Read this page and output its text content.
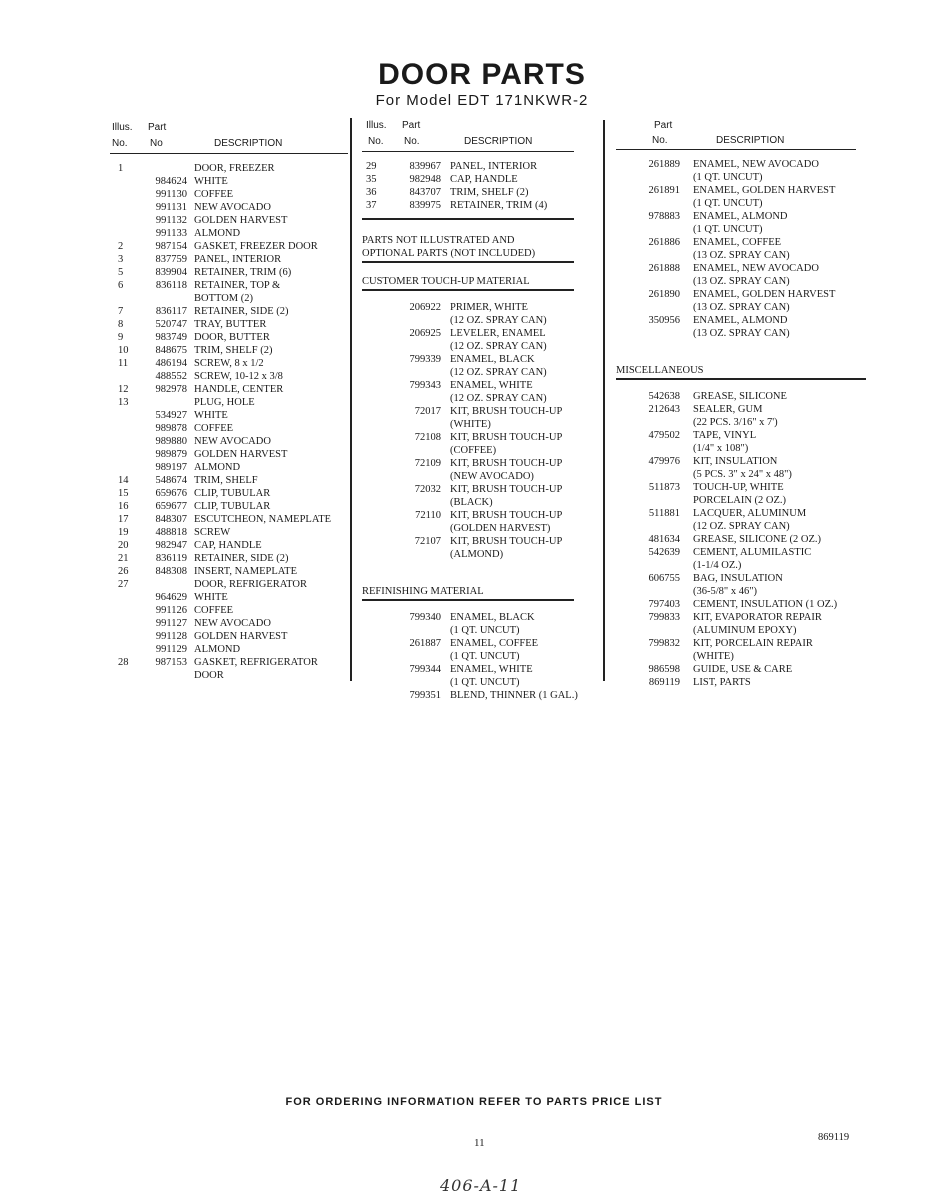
DOOR PARTS
For Model EDT 171NKWR-2
Illus. Part
No. No	DESCRIPTION
1	DOOR, FREEZER
984624 WHITE
991130 COFFEE
991131 NEW AVOCADO
991132 GOLDEN HARVEST
991133 ALMOND
2	987154 GASKET, FREEZER DOOR
3	837759 PANEL, INTERIOR
5	839904 RETAINER, TRIM (6)
6	836118 RETAINER, TOP &
BOTTOM (2)
7	836117 RETAINER, SIDE (2)
8	520747 TRAY, BUTTER
9	983749 DOOR, BUTTER
10	848675 TRIM, SHELF (2)
11	486194 SCREW, 8 x 1/2
488552 SCREW, 10-12 x 3/8
12	982978 HANDLE, CENTER
13	PLUG, HOLE
534927 WHITE
989878 COFFEE
989880 NEW AVOCADO
989879 GOLDEN HARVEST
989197 ALMOND
14	548674 TRIM, SHELF
15	659676 CLIP, TUBULAR
16	659677 CLIP, TUBULAR
17	848307 ESCUTCHEON, NAMEPLATE
19	488818 SCREW
20	982947 CAP, HANDLE
21	836119 RETAINER, SIDE (2)
26	848308 INSERT, NAMEPLATE
27	DOOR, REFRIGERATOR
964629 WHITE
991126 COFFEE
991127 NEW AVOCADO
991128 GOLDEN HARVEST
991129 ALMOND
28	987153 GASKET, REFRIGERATOR
DOOR
Illus. Part
No. No.	DESCRIPTION
29	839967 PANEL, INTERIOR
35	982948 CAP, HANDLE
36	843707 TRIM, SHELF (2)
37	839975 RETAINER, TRIM (4)
PARTS NOT ILLUSTRATED AND
OPTIONAL PARTS (NOT INCLUDED)
CUSTOMER TOUCH-UP MATERIAL
206922 PRIMER, WHITE
(12 OZ. SPRAY CAN)
206925 LEVELER, ENAMEL
(12 OZ. SPRAY CAN)
799339 ENAMEL, BLACK
(12 OZ. SPRAY CAN)
799343 ENAMEL, WHITE
(12 OZ. SPRAY CAN)
72017 KIT, BRUSH TOUCH-UP
(WHITE)
72108 KIT, BRUSH TOUCH-UP
(COFFEE)
72109 KIT, BRUSH TOUCH-UP
(NEW AVOCADO)
72032 KIT, BRUSH TOUCH-UP
(BLACK)
72110 KIT, BRUSH TOUCH-UP
(GOLDEN HARVEST)
72107 KIT, BRUSH TOUCH-UP
(ALMOND)
REFINISHING MATERIAL
799340 ENAMEL, BLACK
(1 QT. UNCUT)
261887 ENAMEL, COFFEE
(1 QT. UNCUT)
799344 ENAMEL, WHITE
(1 QT. UNCUT)
799351 BLEND, THINNER (1 GAL.)
Part
No.	DESCRIPTION
261889	ENAMEL, NEW AVOCADO
(1 QT. UNCUT)
261891	ENAMEL, GOLDEN HARVEST
(1 QT. UNCUT)
978883	ENAMEL, ALMOND
(1 QT. UNCUT)
261886	ENAMEL, COFFEE
(13 OZ. SPRAY CAN)
261888	ENAMEL, NEW AVOCADO
(13 OZ. SPRAY CAN)
261890	ENAMEL, GOLDEN HARVEST
(13 OZ. SPRAY CAN)
350956	ENAMEL, ALMOND
(13 OZ. SPRAY CAN)
MISCELLANEOUS
542638	GREASE, SILICONE
212643	SEALER, GUM
(22 PCS. 3/16" x 7')
479502	TAPE, VINYL
(1/4" x 108")
479976	KIT, INSULATION
(5 PCS. 3" x 24" x 48")
511873	TOUCH-UP, WHITE
PORCELAIN (2 OZ.)
511881	LACQUER, ALUMINUM
(12 OZ. SPRAY CAN)
481634	GREASE, SILICONE (2 OZ.)
542639	CEMENT, ALUMILASTIC
(1-1/4 OZ.)
606755	BAG, INSULATION
(36-5/8" x 46")
797403	CEMENT, INSULATION (1 OZ.)
799833	KIT, EVAPORATOR REPAIR
(ALUMINUM EPOXY)
799832	KIT, PORCELAIN REPAIR
(WHITE)
986598	GUIDE, USE & CARE
869119	LIST, PARTS
FOR ORDERING INFORMATION REFER TO PARTS PRICE LIST
11	869119
406-A-11
